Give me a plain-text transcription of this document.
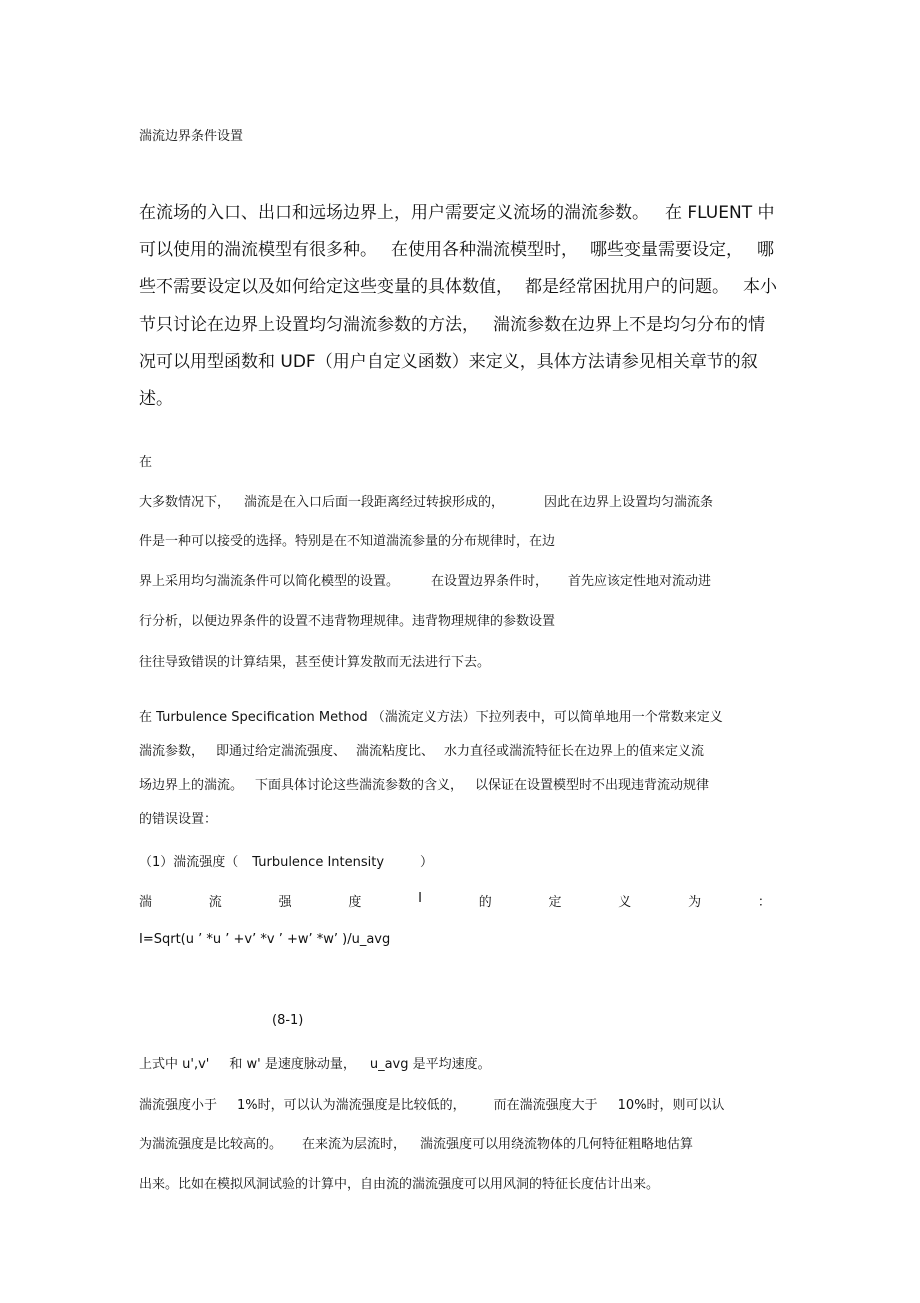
湍流边界条件设置
在流场的入口、出口和远场边界上，用户需要定义流场的湍流参数。 在 FLUENT 中
可以使用的湍流模型有很多种。 在使用各种湍流模型时， 哪些变量需要设定， 哪
些不需要设定以及如何给定这些变量的具体数值， 都是经常困扰用户的问题。 本小
节只讨论在边界上设置均匀湍流参数的方法， 湍流参数在边界上不是均匀分布的情
况可以用型函数和 UDF（用户自定义函数）来定义，具体方法请参见相关章节的叙
述。
在
大多数情况下， 湍流是在入口后面一段距离经过转捩形成的，	因此在边界上设置均匀湍流条
件是一种可以接受的选择。特别是在不知道湍流参量的分布规律时，在边
界上采用均匀湍流条件可以简化模型的设置。 在设置边界条件时， 首先应该定性地对流动进
行分析，以便边界条件的设置不违背物理规律。违背物理规律的参数设置
往往导致错误的计算结果，甚至使计算发散而无法进行下去。
在 Turbulence Specification Method （湍流定义方法）下拉列表中，可以简单地用一个常数来定义
湍流参数， 即通过给定湍流强度、 湍流粘度比、 水力直径或湍流特征长在边界上的值来定义流
场边界上的湍流。 下面具体讨论这些湍流参数的含义， 以保证在设置模型时不出现违背流动规律
的错误设置：
（1）湍流强度（ Turbulence Intensity	）
湍	流	强	度	I	的	定	义	为	：
I=Sqrt(u ’ *u ’ +v’ *v ’ +w’ *w’ )/u_avg
(8-1)
上式中 u',v' 和 w' 是速度脉动量， u_avg 是平均速度。
湍流强度小于 1%时，可以认为湍流强度是比较低的， 而在湍流强度大于 10%时，则可以认
为湍流强度是比较高的。 在来流为层流时， 湍流强度可以用绕流物体的几何特征粗略地估算
出来。比如在模拟风洞试验的计算中，自由流的湍流强度可以用风洞的特征长度估计出来。
